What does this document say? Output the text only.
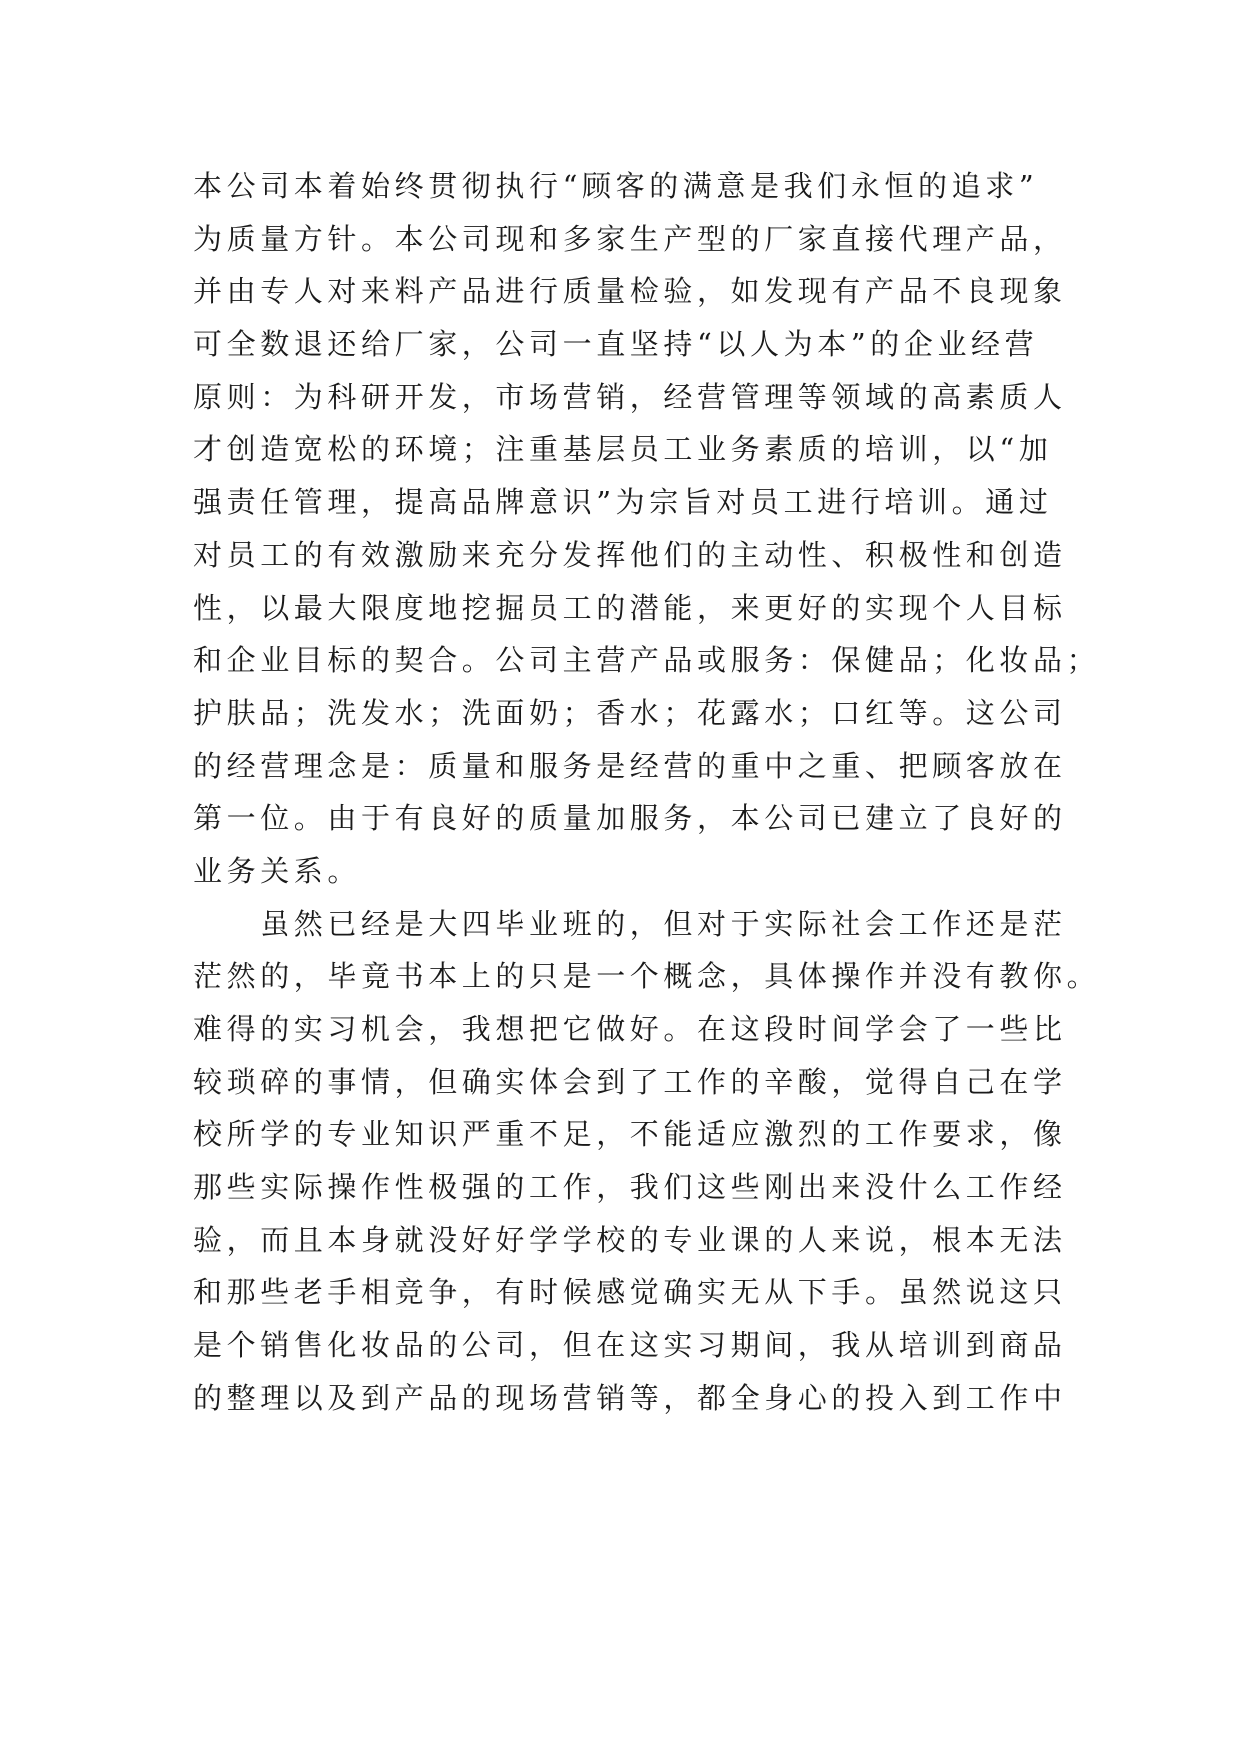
本公司本着始终贯彻执行“顾客的满意是我们永恒的追求”
为质量方针。本公司现和多家生产型的厂家直接代理产品，
并由专人对来料产品进行质量检验，如发现有产品不良现象
可全数退还给厂家，公司一直坚持“以人为本”的企业经营
原则：为科研开发，市场营销，经营管理等领域的高素质人
才创造宽松的环境；注重基层员工业务素质的培训，以“加
强责任管理，提高品牌意识”为宗旨对员工进行培训。通过
对员工的有效激励来充分发挥他们的主动性、积极性和创造
性，以最大限度地挖掘员工的潜能，来更好的实现个人目标
和企业目标的契合。公司主营产品或服务：保健品；化妆品；
护肤品；洗发水；洗面奶；香水；花露水；口红等。这公司
的经营理念是：质量和服务是经营的重中之重、把顾客放在
第一位。由于有良好的质量加服务，本公司已建立了良好的
业务关系。
　　虽然已经是大四毕业班的，但对于实际社会工作还是茫
茫然的，毕竟书本上的只是一个概念，具体操作并没有教你。
难得的实习机会，我想把它做好。在这段时间学会了一些比
较琐碎的事情，但确实体会到了工作的辛酸，觉得自己在学
校所学的专业知识严重不足，不能适应激烈的工作要求，像
那些实际操作性极强的工作，我们这些刚出来没什么工作经
验，而且本身就没好好学学校的专业课的人来说，根本无法
和那些老手相竞争，有时候感觉确实无从下手。虽然说这只
是个销售化妆品的公司，但在这实习期间，我从培训到商品
的整理以及到产品的现场营销等，都全身心的投入到工作中
